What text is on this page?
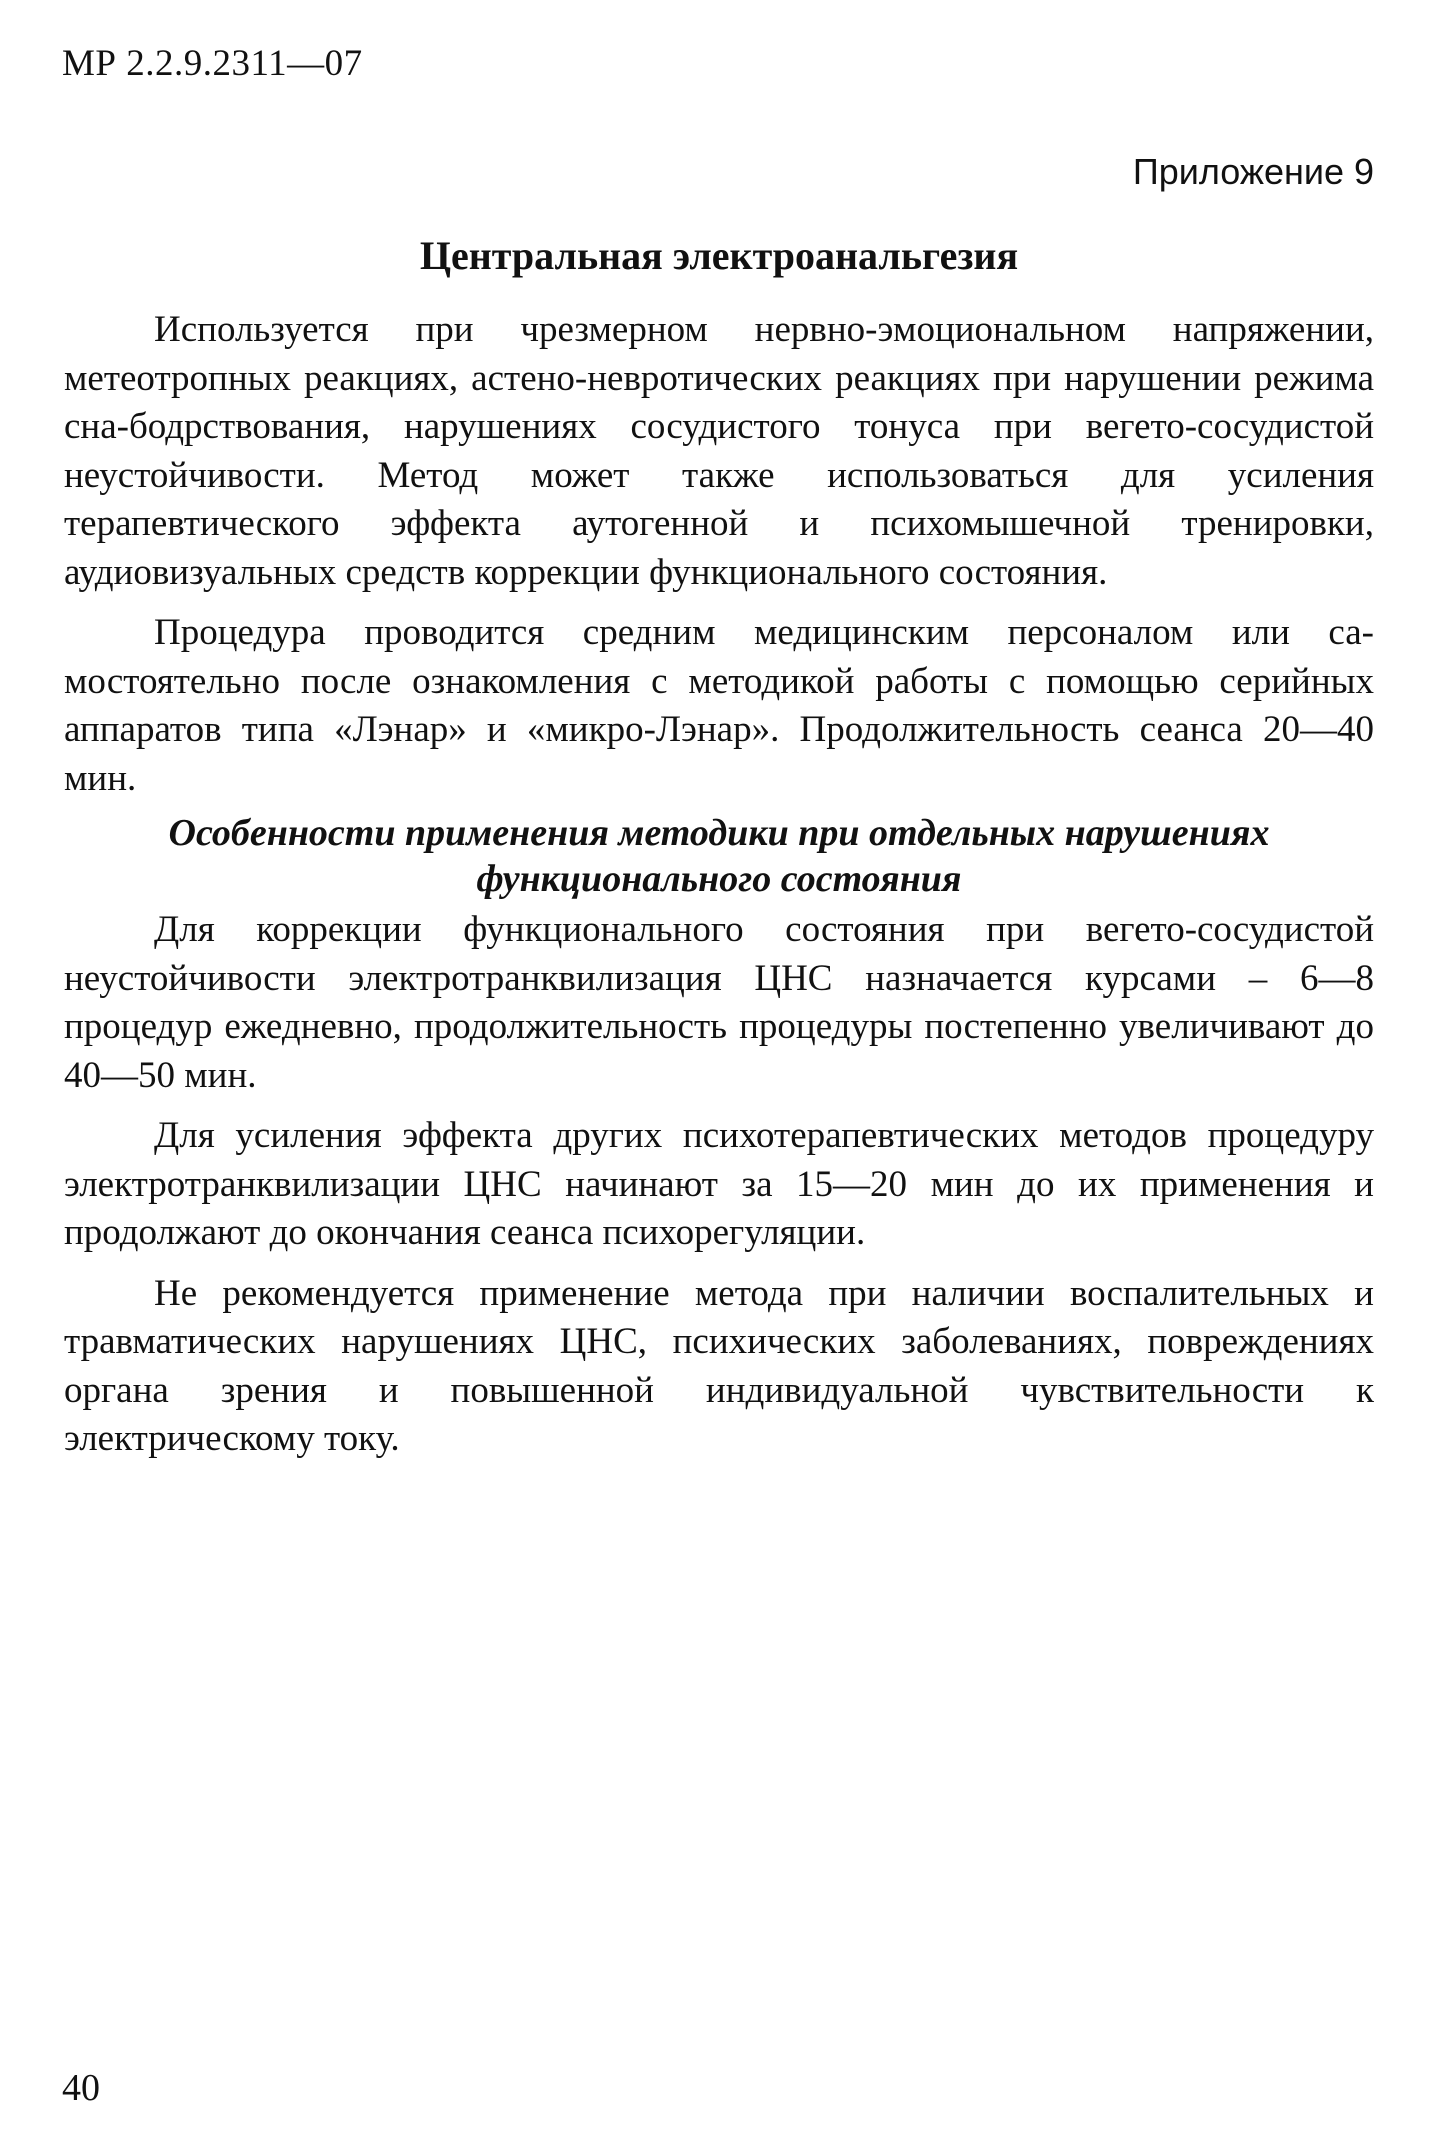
МР 2.2.9.2311—07
Приложение 9
Центральная электроанальгезия

Используется при чрезмерном нервно-эмоциональном напряжении, метеотропных реакциях, астено-невротических реакциях при нарушении режима сна-бодрствования, нарушениях сосудистого тонуса при вегето-сосудистой неустойчивости. Метод может также использоваться для усиления терапевтического эффекта аутогенной и психомышечной тренировки, аудиовизуальных средств коррекции функционального состояния.

Процедура проводится средним медицинским персоналом или самостоятельно после ознакомления с методикой работы с помощью серийных аппаратов типа «Лэнар» и «микро-Лэнар». Продолжительность сеанса 20—40 мин.

Особенности применения методики при отдельных нарушениях функционального состояния

Для коррекции функционального состояния при вегето-сосудистой неустойчивости электротранквилизация ЦНС назначается курсами – 6—8 процедур ежедневно, продолжительность процедуры постепенно увеличивают до 40—50 мин.

Для усиления эффекта других психотерапевтических методов процедуру электротранквилизации ЦНС начинают за 15—20 мин до их применения и продолжают до окончания сеанса психорегуляции.

Не рекомендуется применение метода при наличии воспалительных и травматических нарушениях ЦНС, психических заболеваниях, повреждениях органа зрения и повышенной индивидуальной чувствительности к электрическому току.

40
